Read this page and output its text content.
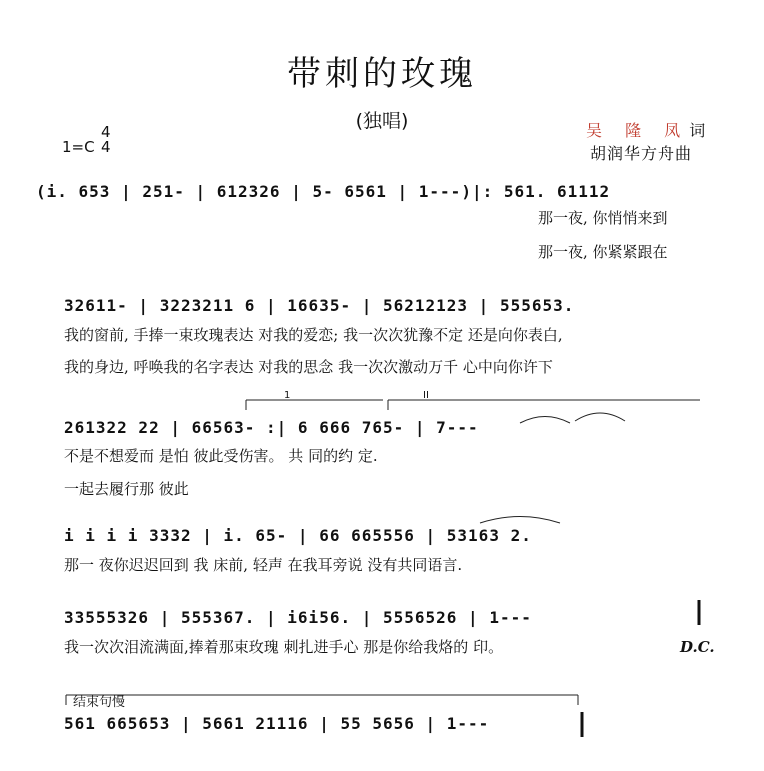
带刺的玫瑰
(独唱)
1=C
4
4
吴 隆 凤词
胡润华方舟曲
(i. 653 | 251- | 612326 | 5- 6561 | 1---)|: 561. 61112
那一夜, 你悄悄来到
那一夜, 你紧紧跟在
32611- | 3223211 6 | 16635- | 56212123 | 555653.
我的窗前, 手捧一束玫瑰表达 对我的爱恋; 我一次次犹豫不定 还是向你表白,
我的身边, 呼唤我的名字表达 对我的思念 我一次次激动万千 心中向你许下
1	II
261322 22 | 66563- :| 6 666 765- | 7---
不是不想爱而 是怕 彼此受伤害。 共 同的约 定.
一起去履行那 彼此
i i i i 3332 | i. 65- | 66 665556 | 53163 2.
那一 夜你迟迟回到 我 床前, 轻声 在我耳旁说 没有共同语言.
33555326 | 555367. | i6i56. | 5556526 | 1---
我一次次泪流满面,捧着那束玫瑰 刺扎进手心 那是你给我烙的 印。	D.C.
结束句慢
561 665653 | 5661 21116 | 55 5656 | 1---
